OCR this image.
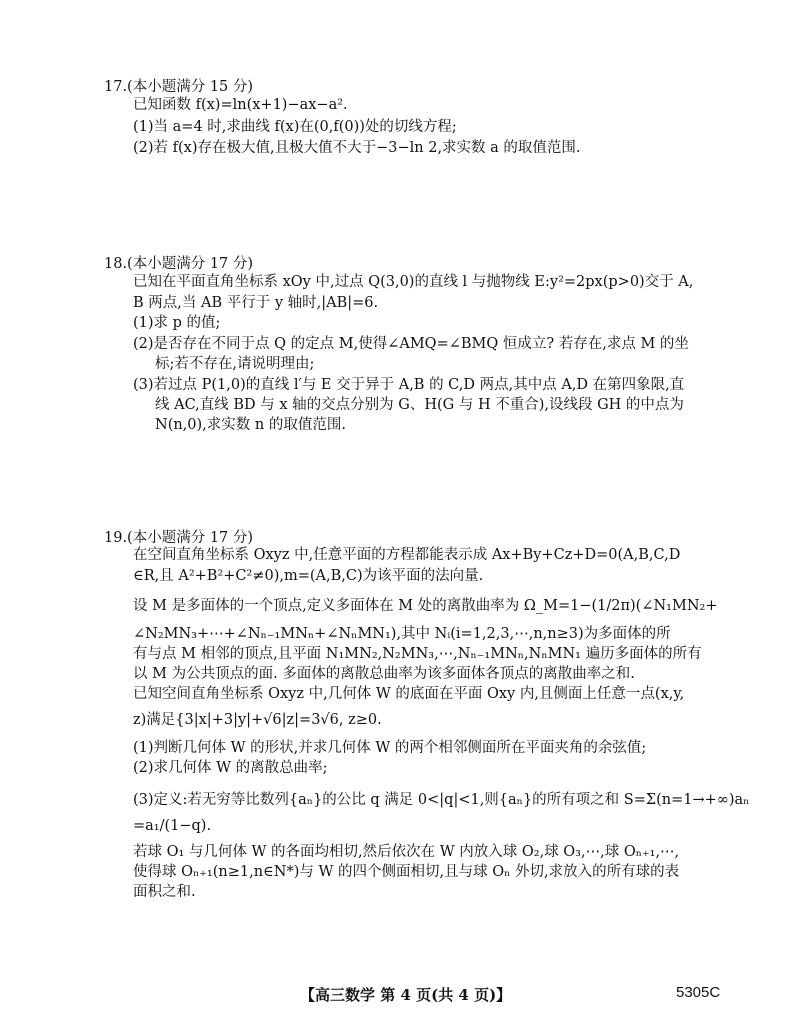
17.(本小题满分 15 分)
已知函数 f(x)=ln(x+1)−ax−a².
(1)当 a=4 时,求曲线 f(x)在(0,f(0))处的切线方程;
(2)若 f(x)存在极大值,且极大值不大于−3−ln 2,求实数 a 的取值范围.
18.(本小题满分 17 分)
已知在平面直角坐标系 xOy 中,过点 Q(3,0)的直线 l 与抛物线 E:y²=2px(p>0)交于 A,
B 两点,当 AB 平行于 y 轴时,|AB|=6.
(1)求 p 的值;
(2)是否存在不同于点 Q 的定点 M,使得∠AMQ=∠BMQ 恒成立? 若存在,求点 M 的坐
标;若不存在,请说明理由;
(3)若过点 P(1,0)的直线 l′与 E 交于异于 A,B 的 C,D 两点,其中点 A,D 在第四象限,直
线 AC,直线 BD 与 x 轴的交点分别为 G、H(G 与 H 不重合),设线段 GH 的中点为
N(n,0),求实数 n 的取值范围.
19.(本小题满分 17 分)
在空间直角坐标系 Oxyz 中,任意平面的方程都能表示成 Ax+By+Cz+D=0(A,B,C,D
∈R,且 A²+B²+C²≠0),m=(A,B,C)为该平面的法向量.
设 M 是多面体的一个顶点,定义多面体在 M 处的离散曲率为 Ω_M=1−(1/2π)(∠N₁MN₂+
∠N₂MN₃+⋯+∠Nₙ₋₁MNₙ+∠NₙMN₁),其中 Nᵢ(i=1,2,3,⋯,n,n≥3)为多面体的所
有与点 M 相邻的顶点,且平面 N₁MN₂,N₂MN₃,⋯,Nₙ₋₁MNₙ,NₙMN₁ 遍历多面体的所有
以 M 为公共顶点的面. 多面体的离散总曲率为该多面体各顶点的离散曲率之和.
已知空间直角坐标系 Oxyz 中,几何体 W 的底面在平面 Oxy 内,且侧面上任意一点(x,y,
z)满足{3|x|+3|y|+√6|z|=3√6, z≥0.
(1)判断几何体 W 的形状,并求几何体 W 的两个相邻侧面所在平面夹角的余弦值;
(2)求几何体 W 的离散总曲率;
(3)定义:若无穷等比数列{aₙ}的公比 q 满足 0<|q|<1,则{aₙ}的所有项之和 S=Σ(n=1→+∞)aₙ
=a₁/(1−q).
若球 O₁ 与几何体 W 的各面均相切,然后依次在 W 内放入球 O₂,球 O₃,⋯,球 Oₙ₊₁,⋯,
使得球 Oₙ₊₁(n≥1,n∈N*)与 W 的四个侧面相切,且与球 Oₙ 外切,求放入的所有球的表
面积之和.
【高三数学 第 4 页(共 4 页)】	5305C
